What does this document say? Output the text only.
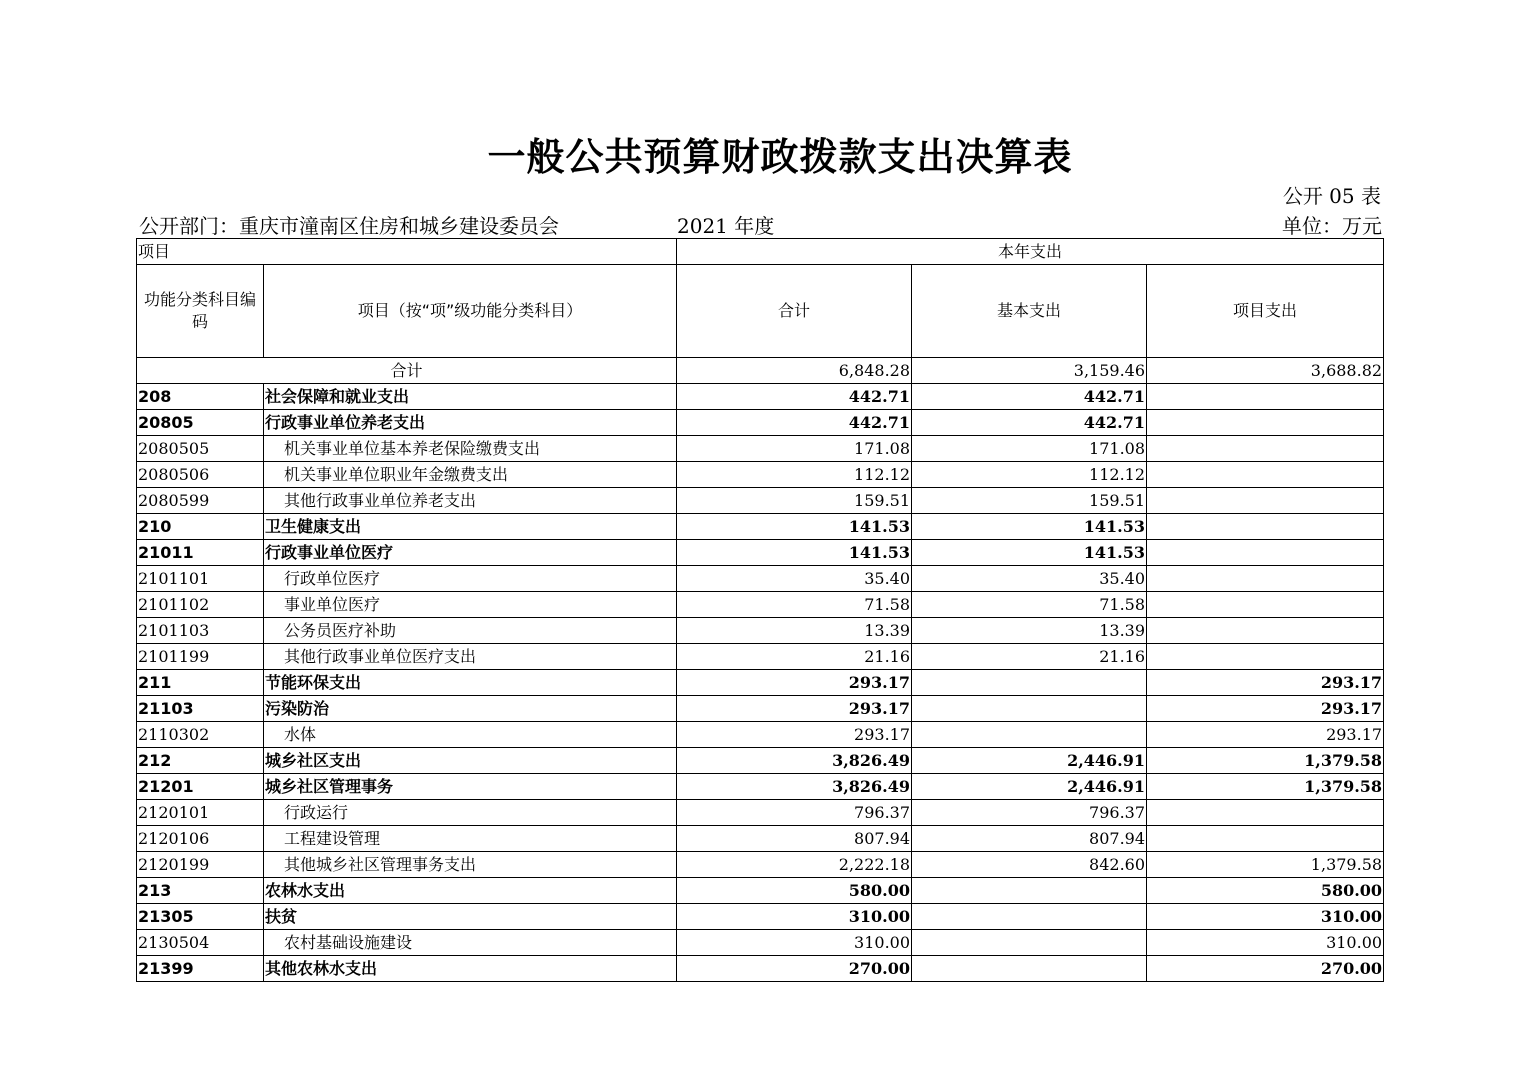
一般公共预算财政拨款支出决算表
公开 05 表
公开部门：重庆市潼南区住房和城乡建设委员会	2021 年度	单位：万元
项目		本年支出		
功能分类科目编码	项目（按“项”级功能分类科目）	合计	基本支出	项目支出
合计		6,848.28	3,159.46	3,688.82
208	社会保障和就业支出	442.71	442.71	
20805	行政事业单位养老支出	442.71	442.71	
2080505	机关事业单位基本养老保险缴费支出	171.08	171.08	
2080506	机关事业单位职业年金缴费支出	112.12	112.12	
2080599	其他行政事业单位养老支出	159.51	159.51	
210	卫生健康支出	141.53	141.53	
21011	行政事业单位医疗	141.53	141.53	
2101101	行政单位医疗	35.40	35.40	
2101102	事业单位医疗	71.58	71.58	
2101103	公务员医疗补助	13.39	13.39	
2101199	其他行政事业单位医疗支出	21.16	21.16	
211	节能环保支出	293.17		293.17
21103	污染防治	293.17		293.17
2110302	水体	293.17		293.17
212	城乡社区支出	3,826.49	2,446.91	1,379.58
21201	城乡社区管理事务	3,826.49	2,446.91	1,379.58
2120101	行政运行	796.37	796.37	
2120106	工程建设管理	807.94	807.94	
2120199	其他城乡社区管理事务支出	2,222.18	842.60	1,379.58
213	农林水支出	580.00		580.00
21305	扶贫	310.00		310.00
2130504	农村基础设施建设	310.00		310.00
21399	其他农林水支出	270.00		270.00
